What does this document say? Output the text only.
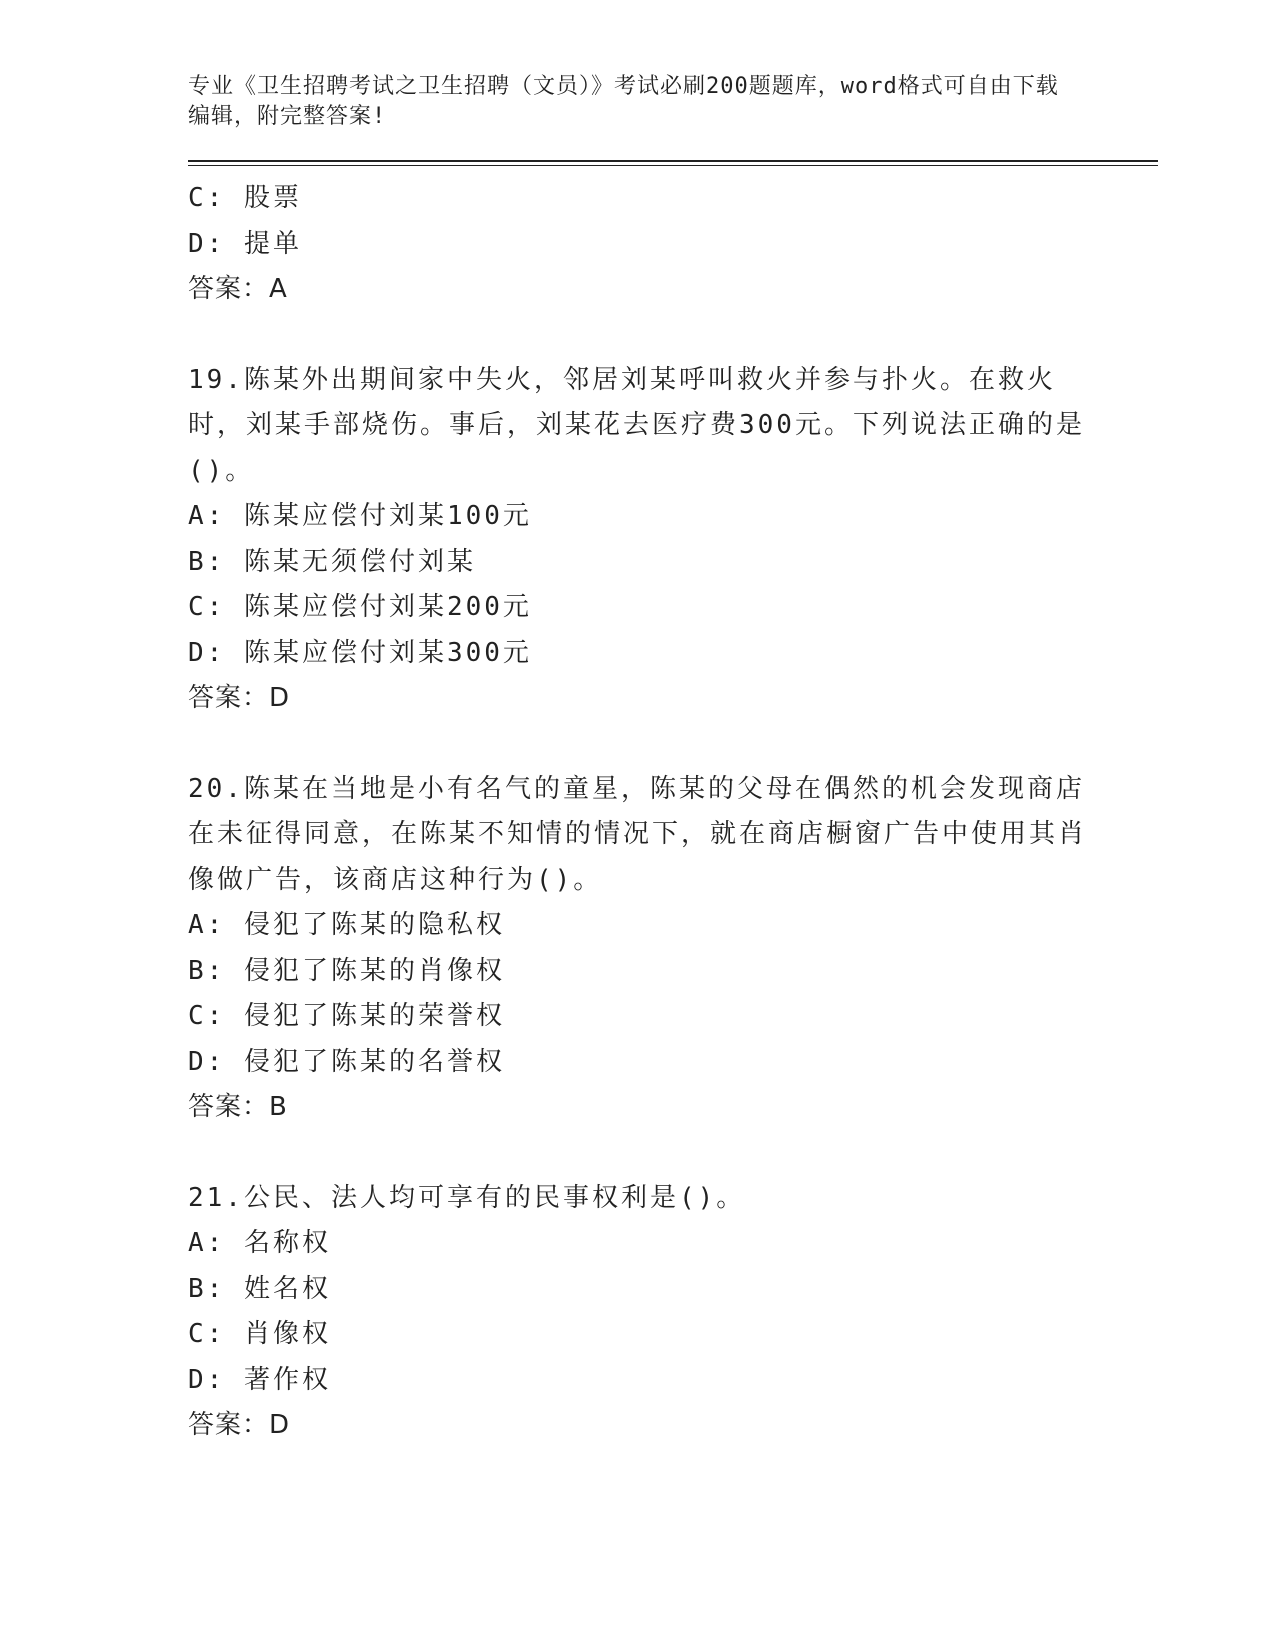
专业《卫生招聘考试之卫生招聘（文员）》考试必刷200题题库，word格式可自由下载编辑，附完整答案!
C: 股票
D: 提单
答案：A
19.陈某外出期间家中失火，邻居刘某呼叫救火并参与扑火。在救火时，刘某手部烧伤。事后，刘某花去医疗费300元。下列说法正确的是()。
A: 陈某应偿付刘某100元
B: 陈某无须偿付刘某
C: 陈某应偿付刘某200元
D: 陈某应偿付刘某300元
答案：D
20.陈某在当地是小有名气的童星，陈某的父母在偶然的机会发现商店在未征得同意，在陈某不知情的情况下，就在商店橱窗广告中使用其肖像做广告，该商店这种行为()。
A: 侵犯了陈某的隐私权
B: 侵犯了陈某的肖像权
C: 侵犯了陈某的荣誉权
D: 侵犯了陈某的名誉权
答案：B
21.公民、法人均可享有的民事权利是()。
A: 名称权
B: 姓名权
C: 肖像权
D: 著作权
答案：D
